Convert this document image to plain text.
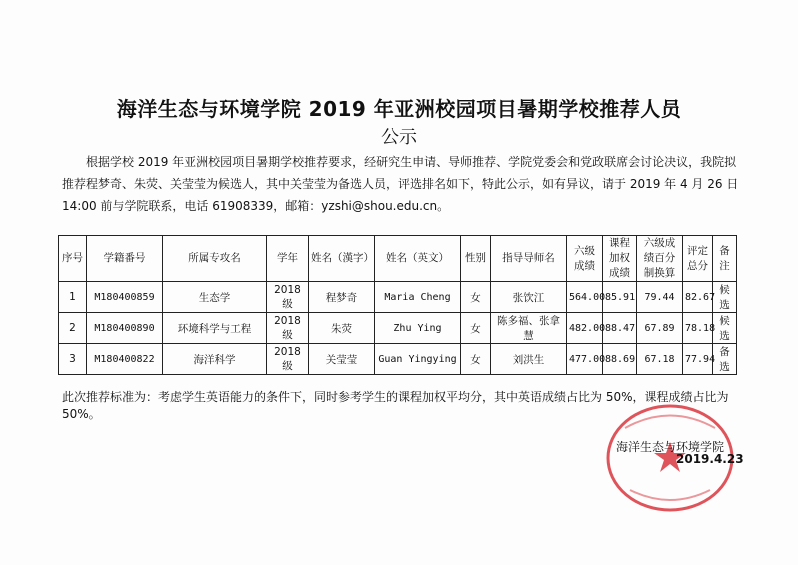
海洋生态与环境学院 2019 年亚洲校园项目暑期学校推荐人员
公示
根据学校 2019 年亚洲校园项目暑期学校推荐要求，经研究生申请、导师推荐、学院党委会和党政联席会讨论决议，我院拟推荐程梦奇、朱荧、关莹莹为候选人，其中关莹莹为备选人员，评选排名如下，特此公示，如有异议，请于 2019 年 4 月 26 日 14:00 前与学院联系，电话 61908339，邮箱：yzshi@shou.edu.cn。
序号	学籍番号	所属专攻名	学年	姓名（漢字）	姓名（英文）	性别	指导导师名	六级成绩	课程加权成绩	六级成绩百分制换算	评定总分	备注
1	M180400859	生态学	2018 级	程梦奇	Maria Cheng	女	张饮江	564.00	85.91	79.44	82.67	候选
2	M180400890	环境科学与工程	2018 级	朱荧	Zhu Ying	女	陈多福、张拿慧	482.00	88.47	67.89	78.18	候选
3	M180400822	海洋科学	2018 级	关莹莹	Guan Yingying	女	刘洪生	477.00	88.69	67.18	77.94	备选
此次推荐标准为：考虑学生英语能力的条件下，同时参考学生的课程加权平均分，其中英语成绩占比为 50%，课程成绩占比为 50%。
海洋生态与环境学院
2019.4.23
